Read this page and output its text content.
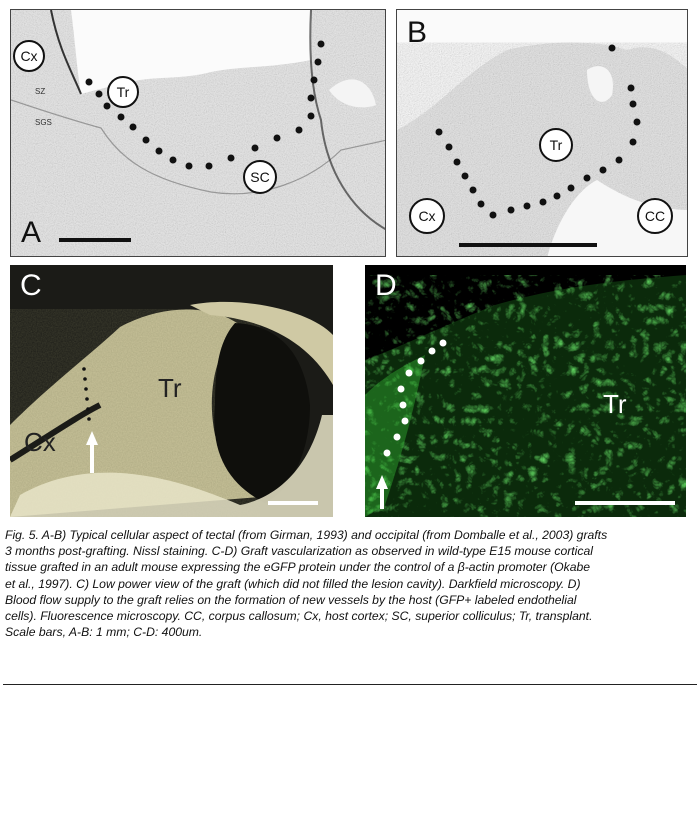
A
Cx
Tr
SC
SZ
SGS
B
Tr
Cx	CC
C
Tr
Cx
D
Tr
Fig. 5. A-B) Typical cellular aspect of tectal (from Girman, 1993) and occipital (from Domballe et al., 2003) grafts
3 months post-grafting. Nissl staining. C-D) Graft vascularization as observed in wild-type E15 mouse cortical
tissue grafted in an adult mouse expressing the eGFP protein under the control of a β-actin promoter (Okabe
et al., 1997). C) Low power view of the graft (which did not filled the lesion cavity). Darkfield microscopy. D)
Blood flow supply to the graft relies on the formation of new vessels by the host (GFP+ labeled endothelial
cells). Fluorescence microscopy. CC, corpus callosum; Cx, host cortex; SC, superior colliculus; Tr, transplant.
Scale bars, A-B: 1 mm; C-D: 400um.
